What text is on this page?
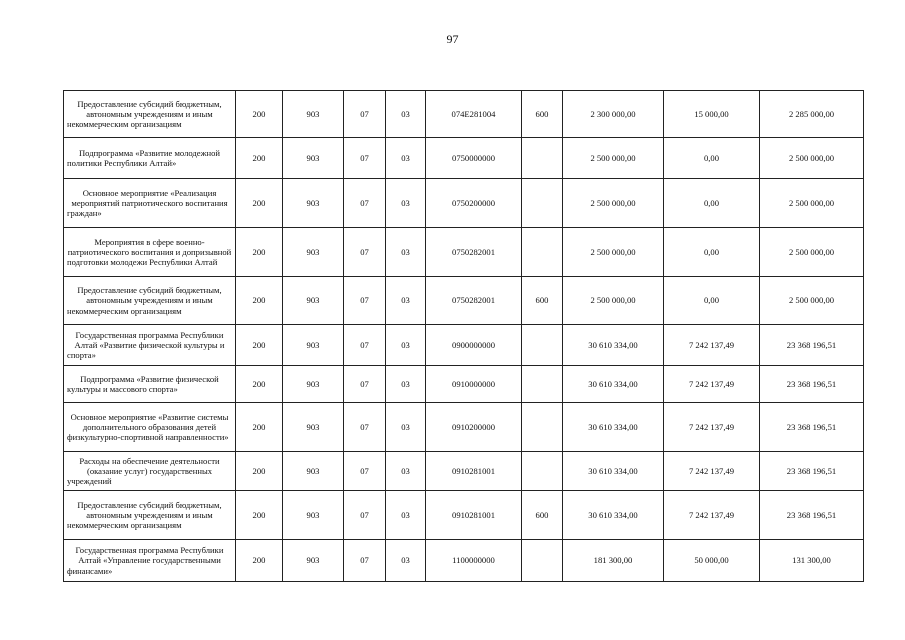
97
Предоставление субсидий бюджетным, автономным учреждениям и иным некоммерческим организациям	200	903	07	03	074E281004	600	2 300 000,00	15 000,00	2 285 000,00
Подпрограмма «Развитие молодежной политики Республики Алтай»	200	903	07	03	0750000000		2 500 000,00	0,00	2 500 000,00
Основное мероприятие «Реализация мероприятий патриотического воспитания граждан»	200	903	07	03	0750200000		2 500 000,00	0,00	2 500 000,00
Мероприятия в сфере военно-патриотического воспитания и допризывной подготовки молодежи Республики Алтай	200	903	07	03	0750282001		2 500 000,00	0,00	2 500 000,00
Предоставление субсидий бюджетным, автономным учреждениям и иным некоммерческим организациям	200	903	07	03	0750282001	600	2 500 000,00	0,00	2 500 000,00
Государственная программа Республики Алтай «Развитие физической культуры и спорта»	200	903	07	03	0900000000		30 610 334,00	7 242 137,49	23 368 196,51
Подпрограмма «Развитие физической культуры и массового спорта»	200	903	07	03	0910000000		30 610 334,00	7 242 137,49	23 368 196,51
Основное мероприятие «Развитие системы дополнительного образования детей физкультурно-спортивной направленности»	200	903	07	03	0910200000		30 610 334,00	7 242 137,49	23 368 196,51
Расходы на обеспечение деятельности (оказание услуг) государственных учреждений	200	903	07	03	0910281001		30 610 334,00	7 242 137,49	23 368 196,51
Предоставление субсидий бюджетным, автономным учреждениям и иным некоммерческим организациям	200	903	07	03	0910281001	600	30 610 334,00	7 242 137,49	23 368 196,51
Государственная программа Республики Алтай «Управление государственными финансами»	200	903	07	03	1100000000		181 300,00	50 000,00	131 300,00
